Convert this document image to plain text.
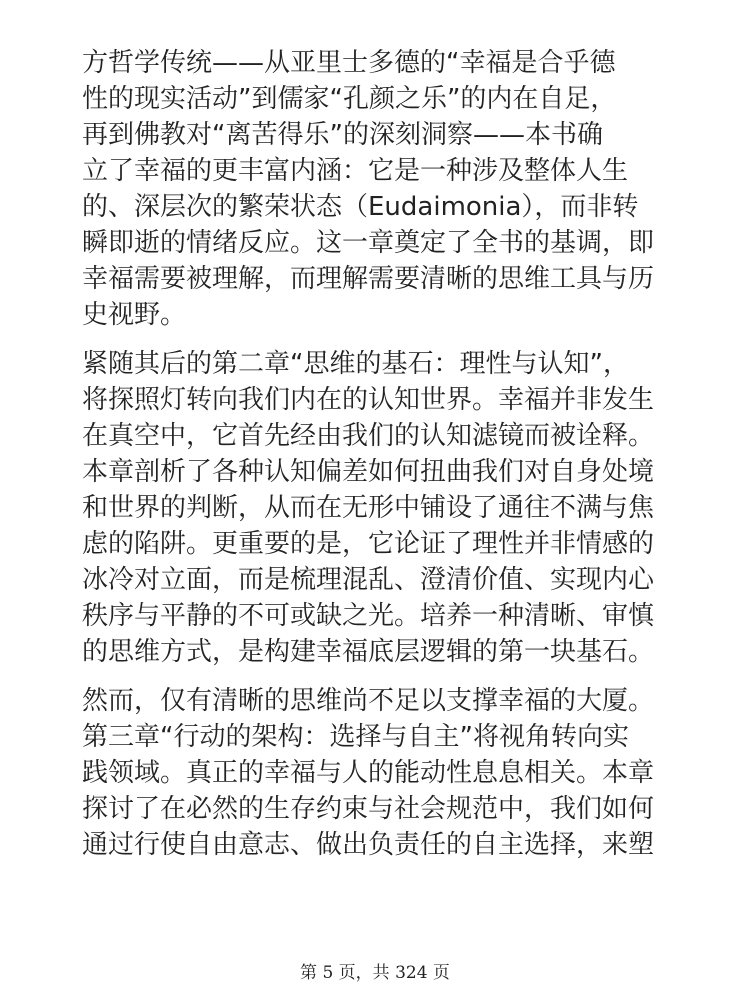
方哲学传统——从亚里士多德的“幸福是合乎德
性的现实活动”到儒家“孔颜之乐”的内在自足，
再到佛教对“离苦得乐”的深刻洞察——本书确
立了幸福的更丰富内涵：它是一种涉及整体人生
的、深层次的繁荣状态（Eudaimonia），而非转
瞬即逝的情绪反应。这一章奠定了全书的基调，即
幸福需要被理解，而理解需要清晰的思维工具与历
史视野。
紧随其后的第二章“思维的基石：理性与认知”，
将探照灯转向我们内在的认知世界。幸福并非发生
在真空中，它首先经由我们的认知滤镜而被诠释。
本章剖析了各种认知偏差如何扭曲我们对自身处境
和世界的判断，从而在无形中铺设了通往不满与焦
虑的陷阱。更重要的是，它论证了理性并非情感的
冰冷对立面，而是梳理混乱、澄清价值、实现内心
秩序与平静的不可或缺之光。培养一种清晰、审慎
的思维方式，是构建幸福底层逻辑的第一块基石。
然而，仅有清晰的思维尚不足以支撑幸福的大厦。
第三章“行动的架构：选择与自主”将视角转向实
践领域。真正的幸福与人的能动性息息相关。本章
探讨了在必然的生存约束与社会规范中，我们如何
通过行使自由意志、做出负责任的自主选择，来塑
第 5 页，共 324 页
